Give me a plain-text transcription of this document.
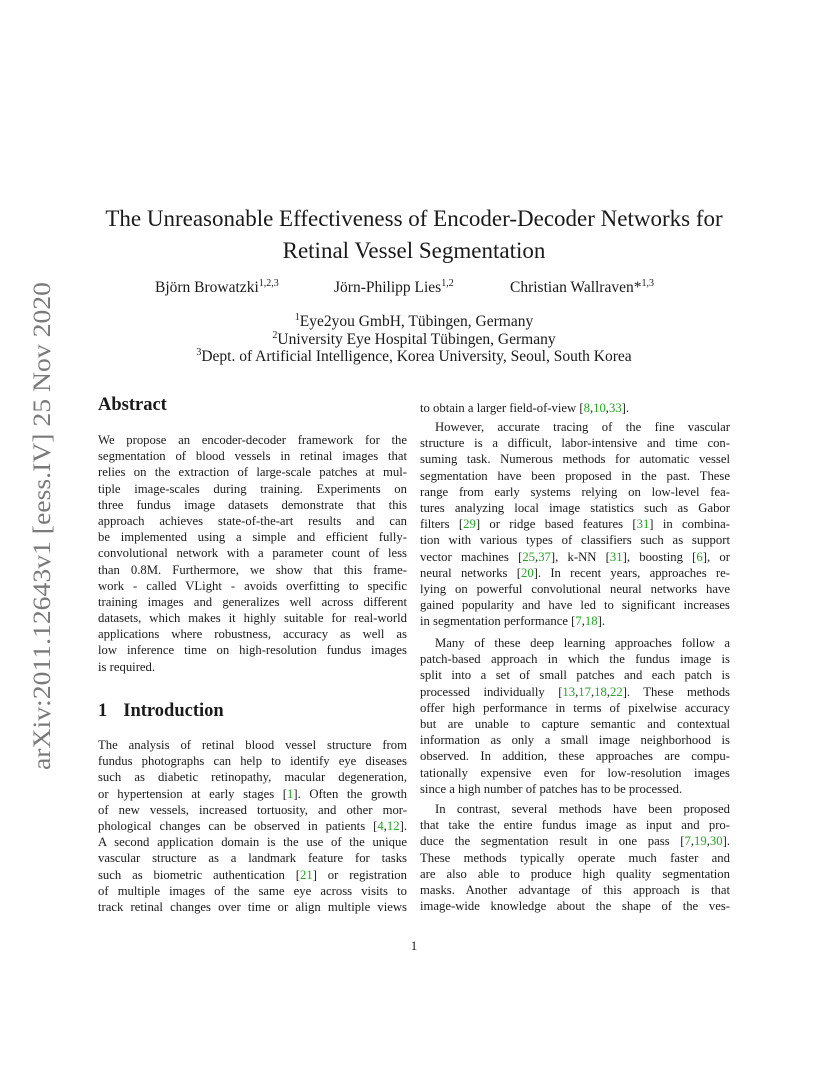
arXiv:2011.12643v1 [eess.IV] 25 Nov 2020
The Unreasonable Effectiveness of Encoder-Decoder Networks for
Retinal Vessel Segmentation
Björn Browatzki$^{1,2,3}$	Jörn-Philipp Lies$^{1,2}$	Christian Wallraven*$^{1,3}$
$^1$Eye2you GmbH, Tübingen, Germany
$^2$University Eye Hospital Tübingen, Germany
$^3$Dept. of Artificial Intelligence, Korea University, Seoul, South Korea
Abstract
We propose an encoder-decoder framework for the
segmentation of blood vessels in retinal images that
relies on the extraction of large-scale patches at mul-
tiple image-scales during training. Experiments on
three fundus image datasets demonstrate that this
approach achieves state-of-the-art results and can
be implemented using a simple and efficient fully-
convolutional network with a parameter count of less
than 0.8M. Furthermore, we show that this frame-
work - called VLight - avoids overfitting to specific
training images and generalizes well across different
datasets, which makes it highly suitable for real-world
applications where robustness, accuracy as well as
low inference time on high-resolution fundus images
is required.
1 Introduction
The analysis of retinal blood vessel structure from
fundus photographs can help to identify eye diseases
such as diabetic retinopathy, macular degeneration,
or hypertension at early stages [1]. Often the growth
of new vessels, increased tortuosity, and other mor-
phological changes can be observed in patients [4,12].
A second application domain is the use of the unique
vascular structure as a landmark feature for tasks
such as biometric authentication [21] or registration
of multiple images of the same eye across visits to
track retinal changes over time or align multiple views
to obtain a larger field-of-view [8,10,33].
However, accurate tracing of the fine vascular
structure is a difficult, labor-intensive and time con-
suming task. Numerous methods for automatic vessel
segmentation have been proposed in the past. These
range from early systems relying on low-level fea-
tures analyzing local image statistics such as Gabor
filters [29] or ridge based features [31] in combina-
tion with various types of classifiers such as support
vector machines [25,37], k-NN [31], boosting [6], or
neural networks [20]. In recent years, approaches re-
lying on powerful convolutional neural networks have
gained popularity and have led to significant increases
in segmentation performance [7,18].
Many of these deep learning approaches follow a
patch-based approach in which the fundus image is
split into a set of small patches and each patch is
processed individually [13,17,18,22]. These methods
offer high performance in terms of pixelwise accuracy
but are unable to capture semantic and contextual
information as only a small image neighborhood is
observed. In addition, these approaches are compu-
tationally expensive even for low-resolution images
since a high number of patches has to be processed.
In contrast, several methods have been proposed
that take the entire fundus image as input and pro-
duce the segmentation result in one pass [7,19,30].
These methods typically operate much faster and
are also able to produce high quality segmentation
masks. Another advantage of this approach is that
image-wide knowledge about the shape of the ves-
1
